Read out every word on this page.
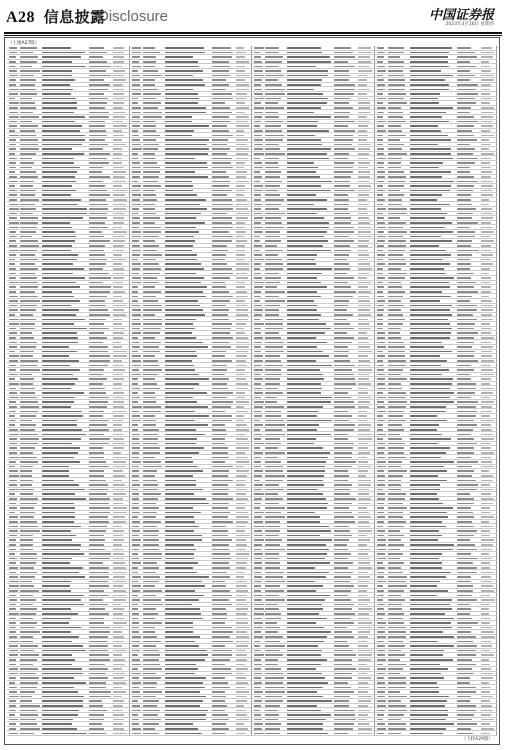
A28 信息披露
Disclosure	中国证券报
2023年3月16日 星期四
（上接A27版）
（下转A29版）
